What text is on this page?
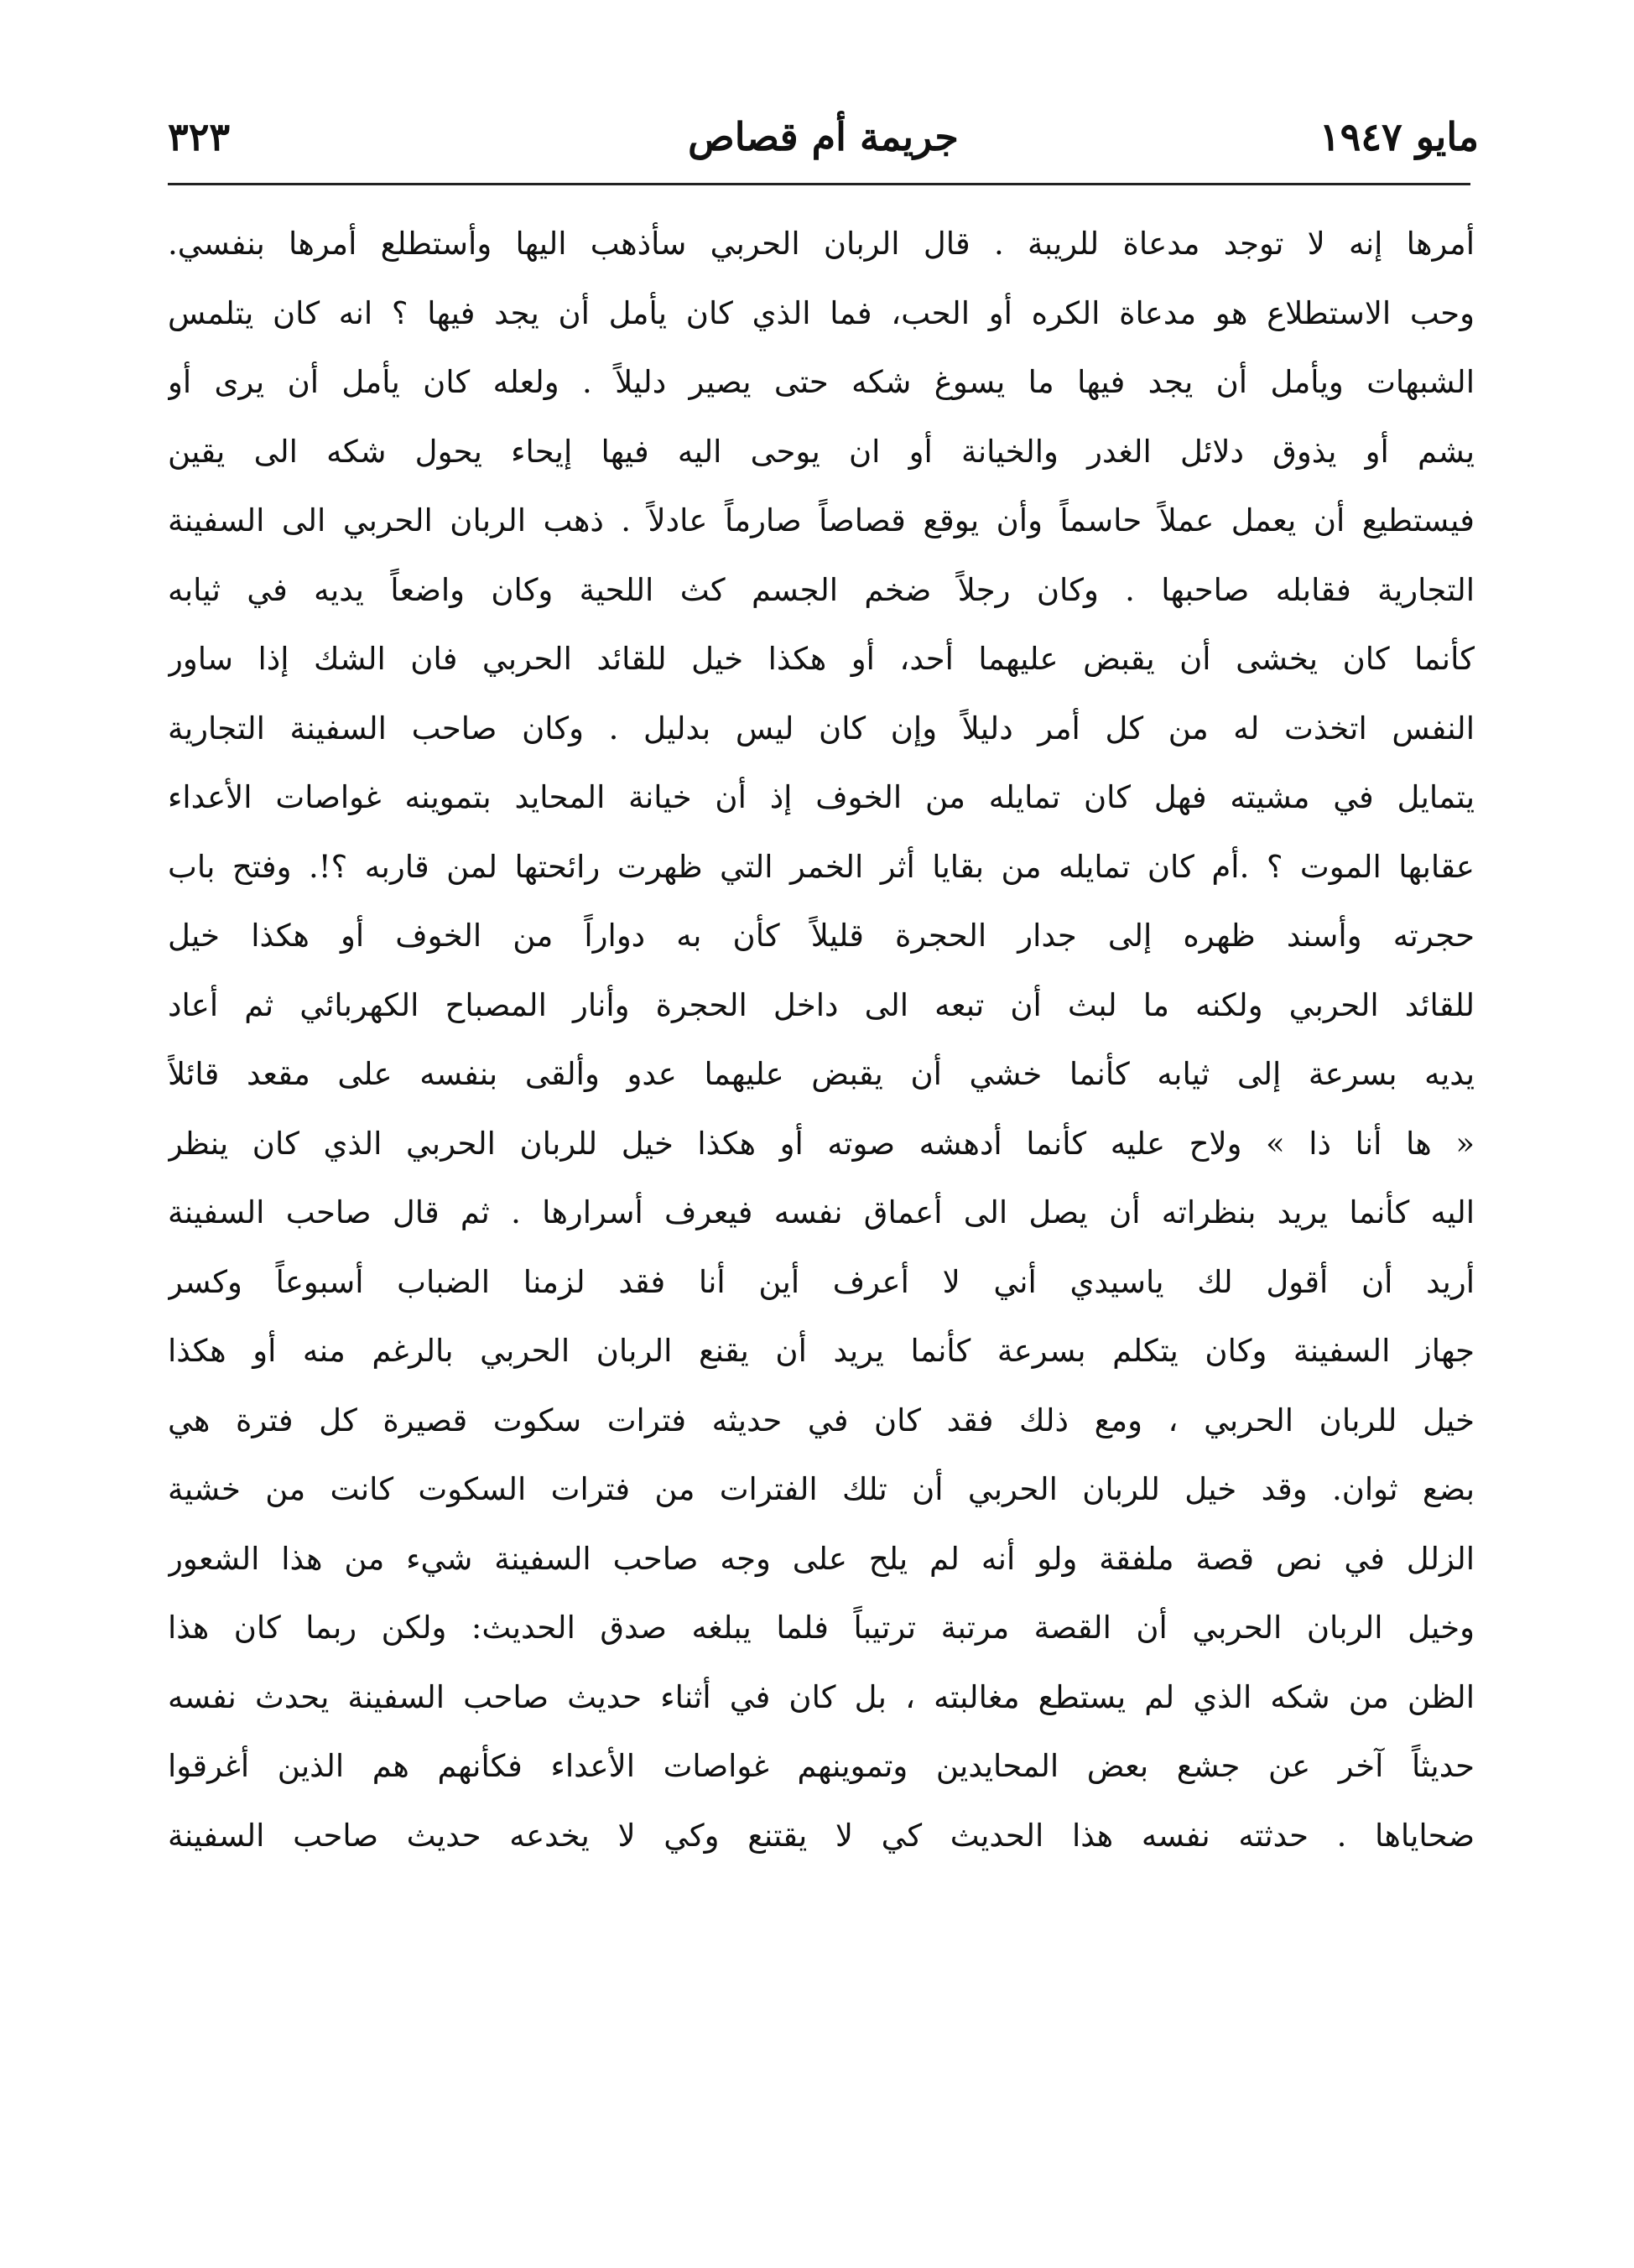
مايو ١٩٤٧
جريمة أم قصاص
٣٢٣
أمرها إنه لا توجد مدعاة للريبة . قال الربان الحربي سأذهب اليها وأستطلع أمرها بنفسي.
وحب الاستطلاع هو مدعاة الكره أو الحب، فما الذي كان يأمل أن يجد فيها ؟ انه كان يتلمس
الشبهات ويأمل أن يجد فيها ما يسوغ شكه حتى يصير دليلاً . ولعله كان يأمل أن يرى أو
يشم أو يذوق دلائل الغدر والخيانة أو ان يوحى اليه فيها إيحاء يحول شكه الى يقين
فيستطيع أن يعمل عملاً حاسماً وأن يوقع قصاصاً صارماً عادلاً . ذهب الربان الحربي الى السفينة
التجارية فقابله صاحبها . وكان رجلاً ضخم الجسم كث اللحية وكان واضعاً يديه في ثيابه
كأنما كان يخشى أن يقبض عليهما أحد، أو هكذا خيل للقائد الحربي فان الشك إذا ساور
النفس اتخذت له من كل أمر دليلاً وإن كان ليس بدليل . وكان صاحب السفينة التجارية
يتمايل في مشيته فهل كان تمايله من الخوف إذ أن خيانة المحايد بتموينه غواصات الأعداء
عقابها الموت ؟ .أم كان تمايله من بقايا أثر الخمر التي ظهرت رائحتها لمن قاربه ؟!. وفتح باب
حجرته وأسند ظهره إلى جدار الحجرة قليلاً كأن به دواراً من الخوف أو هكذا خيل
للقائد الحربي ولكنه ما لبث أن تبعه الى داخل الحجرة وأنار المصباح الكهربائي ثم أعاد
يديه بسرعة إلى ثيابه كأنما خشي أن يقبض عليهما عدو وألقى بنفسه على مقعد قائلاً
« ها أنا ذا » ولاح عليه كأنما أدهشه صوته أو هكذا خيل للربان الحربي الذي كان ينظر
اليه كأنما يريد بنظراته أن يصل الى أعماق نفسه فيعرف أسرارها . ثم قال صاحب السفينة
أريد أن أقول لك ياسيدي أني لا أعرف أين أنا فقد لزمنا الضباب أسبوعاً وكسر
جهاز السفينة وكان يتكلم بسرعة كأنما يريد أن يقنع الربان الحربي بالرغم منه أو هكذا
خيل للربان الحربي ، ومع ذلك فقد كان في حديثه فترات سكوت قصيرة كل فترة هي
بضع ثوان. وقد خيل للربان الحربي أن تلك الفترات من فترات السكوت كانت من خشية
الزلل في نص قصة ملفقة ولو أنه لم يلح على وجه صاحب السفينة شيء من هذا الشعور
وخيل الربان الحربي أن القصة مرتبة ترتيباً فلما يبلغه صدق الحديث: ولكن ربما كان هذا
الظن من شكه الذي لم يستطع مغالبته ، بل كان في أثناء حديث صاحب السفينة يحدث نفسه
حديثاً آخر عن جشع بعض المحايدين وتموينهم غواصات الأعداء فكأنهم هم الذين أغرقوا
ضحاياها . حدثته نفسه هذا الحديث كي لا يقتنع وكي لا يخدعه حديث صاحب السفينة
